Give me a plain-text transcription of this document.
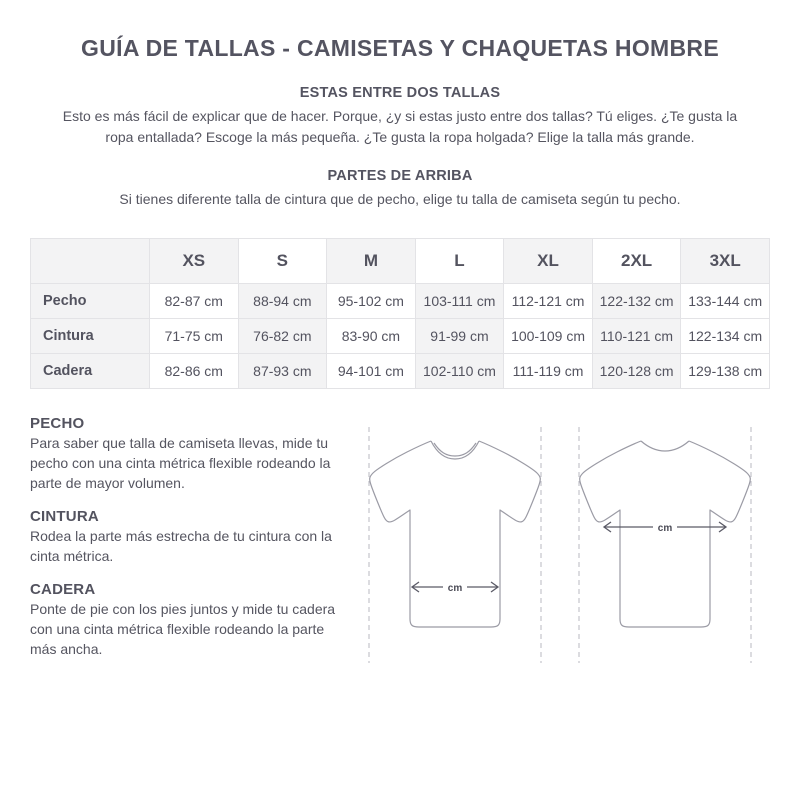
GUÍA DE TALLAS - CAMISETAS Y CHAQUETAS HOMBRE
ESTAS ENTRE DOS TALLAS
Esto es más fácil de explicar que de hacer. Porque, ¿y si estas justo entre dos tallas? Tú eliges. ¿Te gusta la ropa entallada? Escoge la más pequeña. ¿Te gusta la ropa holgada? Elige la talla más grande.
PARTES DE ARRIBA
Si tienes diferente talla de cintura que de pecho, elige tu talla de camiseta según tu pecho.
	XS	S	M	L	XL	2XL	3XL
Pecho	82-87 cm	88-94 cm	95-102 cm	103-111 cm	112-121 cm	122-132 cm	133-144 cm
Cintura	71-75 cm	76-82 cm	83-90 cm	91-99 cm	100-109 cm	110-121 cm	122-134 cm
Cadera	82-86 cm	87-93 cm	94-101 cm	102-110 cm	111-119 cm	120-128 cm	129-138 cm
PECHO

Para saber que talla de camiseta llevas, mide tu pecho con una cinta métrica flexible rodeando la parte de mayor volumen.

CINTURA

Rodea la parte más estrecha de tu cintura con la cinta métrica.

CADERA

Ponte de pie con los pies juntos y mide tu cadera con una cinta métrica flexible rodeando la parte más ancha.

cm
cm
